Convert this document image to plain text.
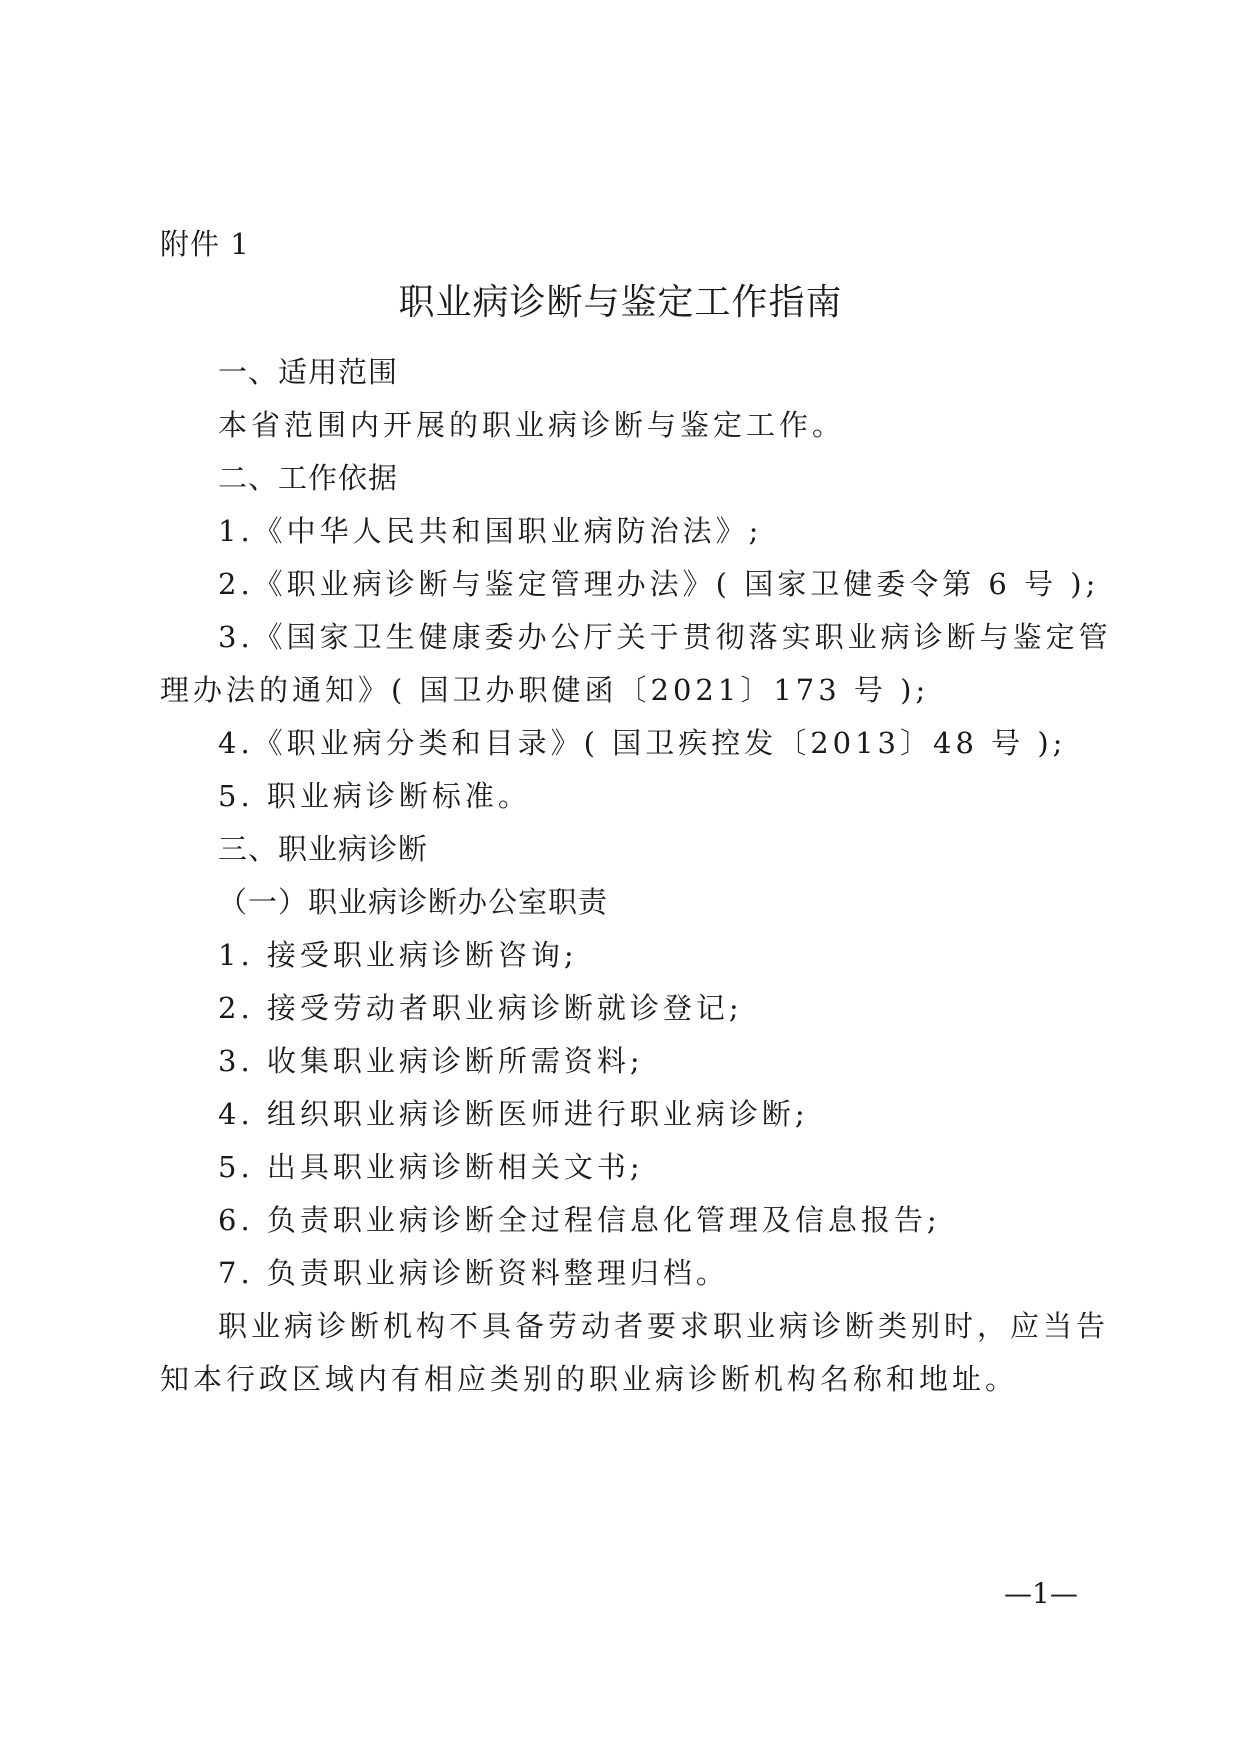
附件 1
职业病诊断与鉴定工作指南
一、适用范围
本省范围内开展的职业病诊断与鉴定工作。
二、工作依据
1.《中华人民共和国职业病防治法》;
2.《职业病诊断与鉴定管理办法》( 国家卫健委令第 6 号 );
3.《国家卫生健康委办公厅关于贯彻落实职业病诊断与鉴定管
理办法的通知》( 国卫办职健函〔2021〕173 号 );
4.《职业病分类和目录》( 国卫疾控发〔2013〕48 号 );
5. 职业病诊断标准。
三、职业病诊断
（一）职业病诊断办公室职责
1. 接受职业病诊断咨询;
2. 接受劳动者职业病诊断就诊登记;
3. 收集职业病诊断所需资料;
4. 组织职业病诊断医师进行职业病诊断;
5. 出具职业病诊断相关文书;
6. 负责职业病诊断全过程信息化管理及信息报告;
7. 负责职业病诊断资料整理归档。
职业病诊断机构不具备劳动者要求职业病诊断类别时，应当告
知本行政区域内有相应类别的职业病诊断机构名称和地址。
—1—
